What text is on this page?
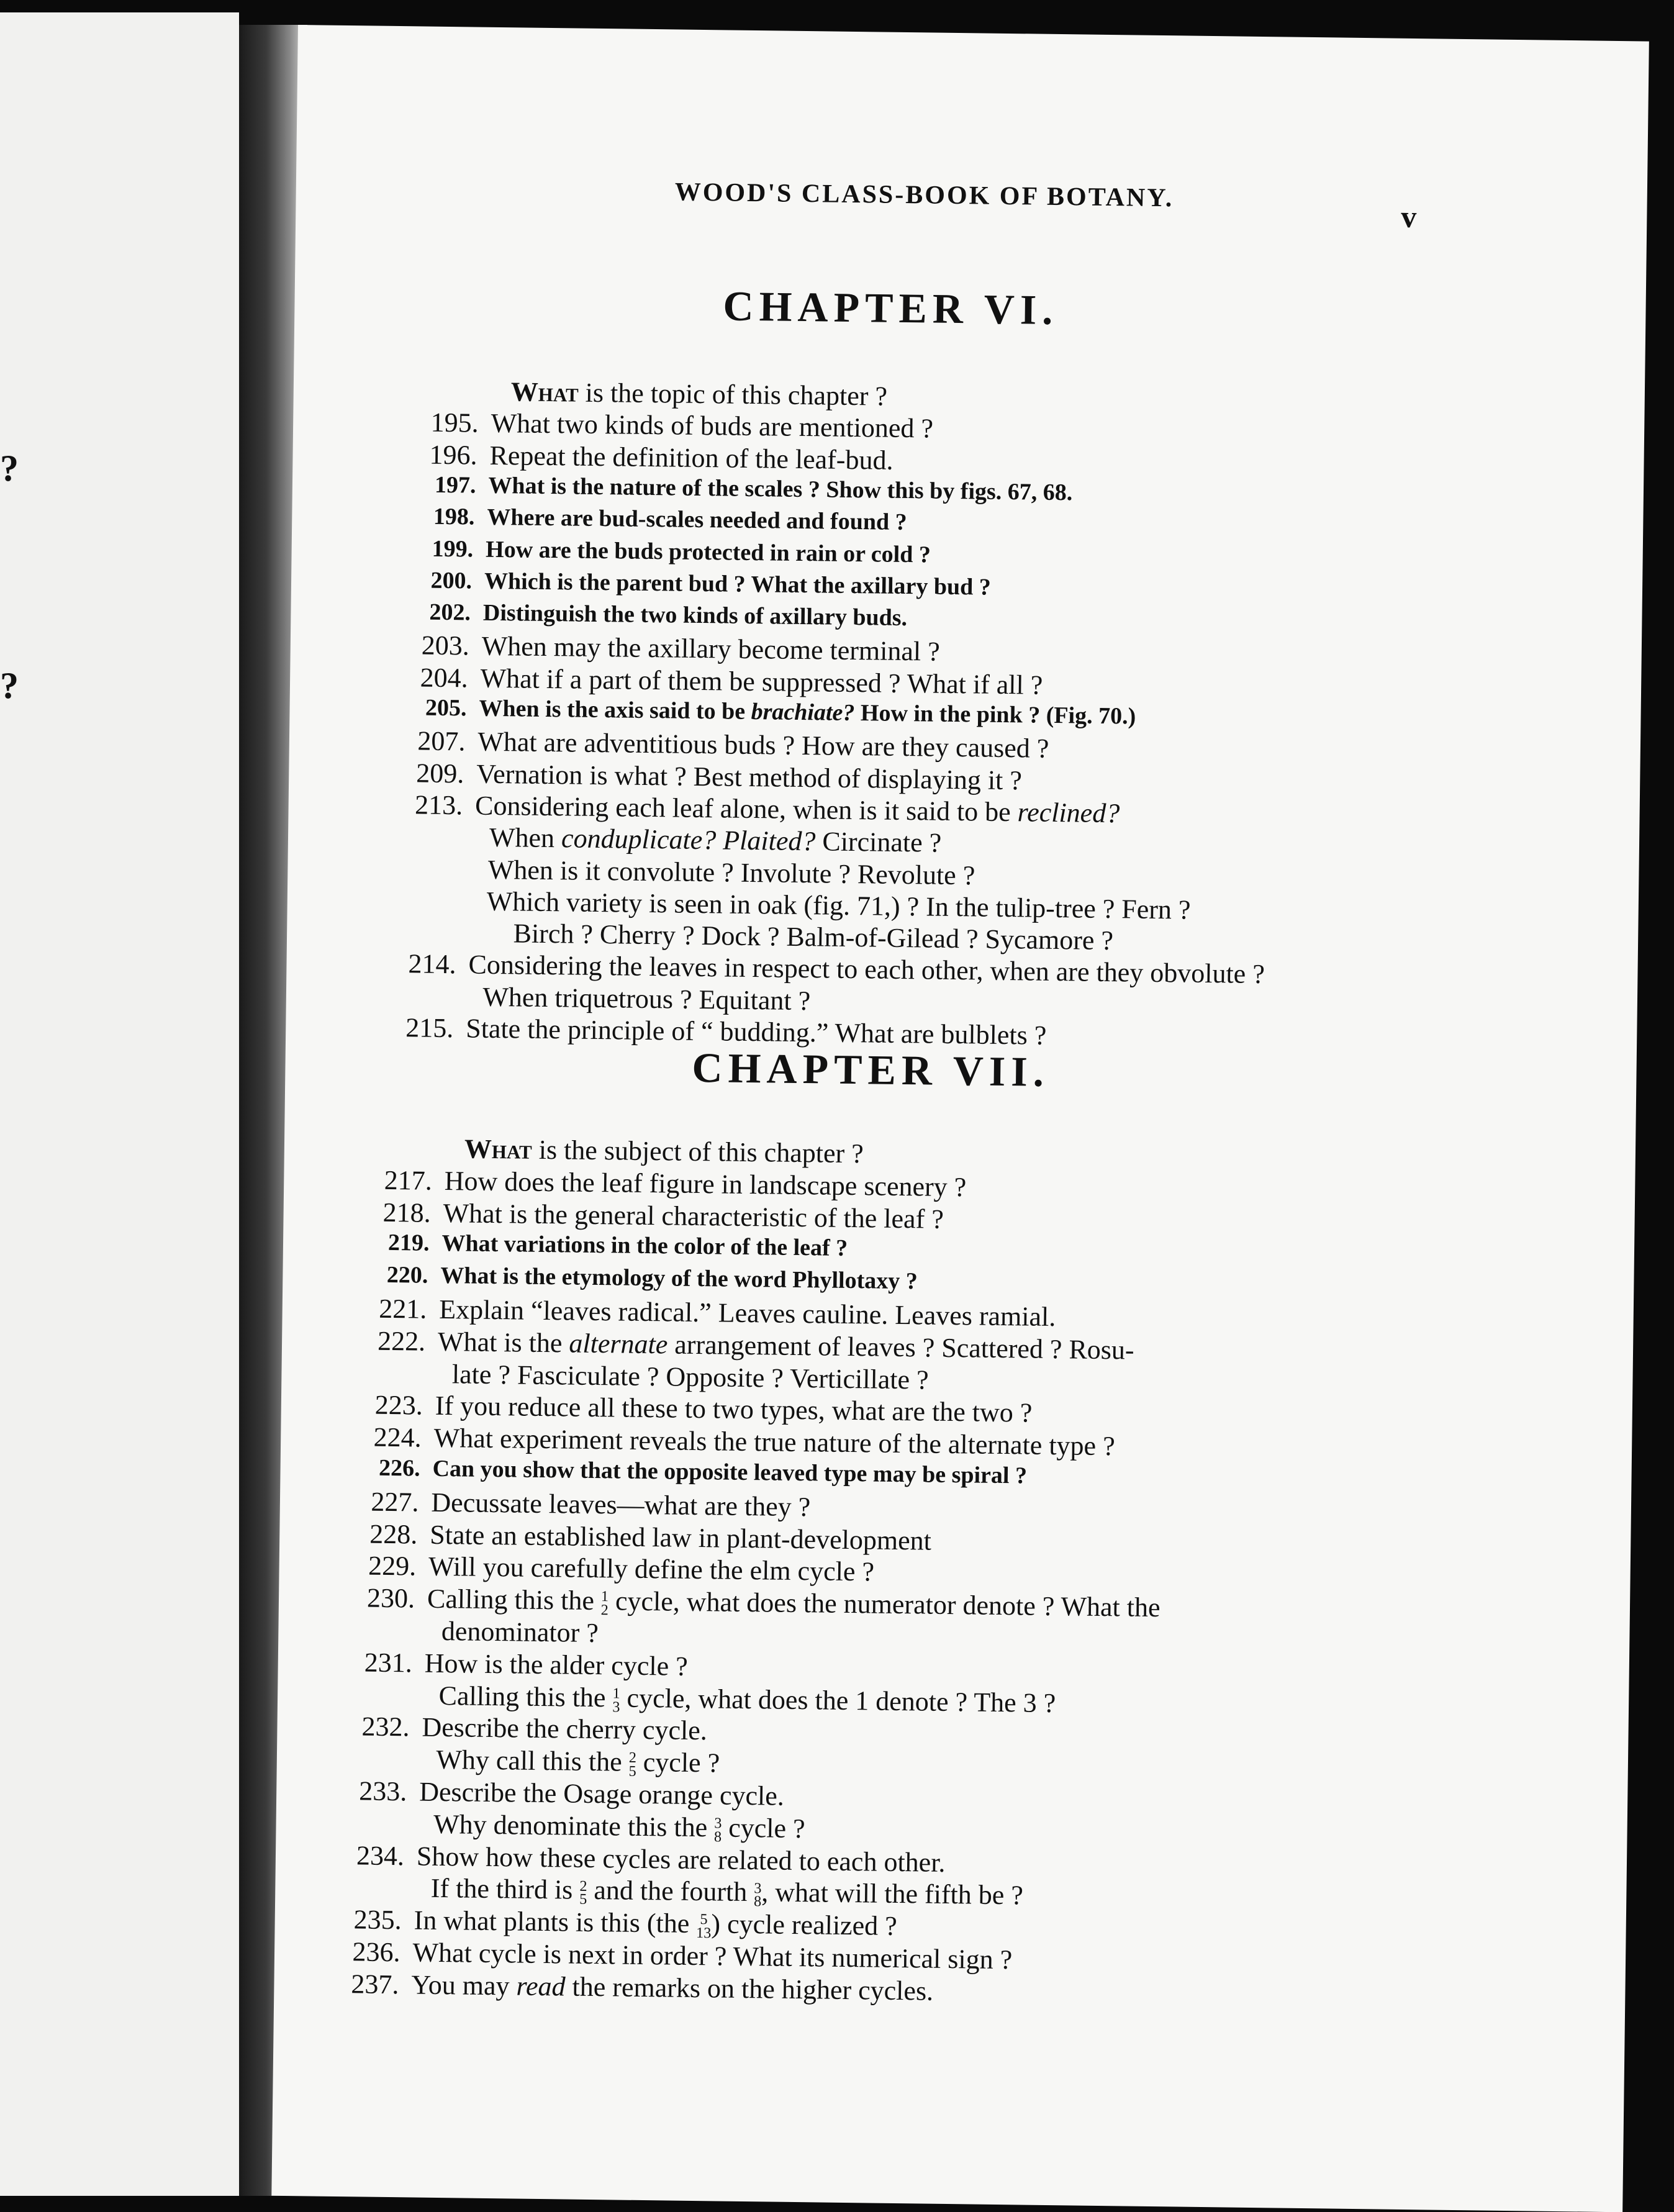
?
?
WOOD'S CLASS-BOOK OF BOTANY.
v
CHAPTER VI.
What is the topic of this chapter ?
195. What two kinds of buds are mentioned ?
196. Repeat the definition of the leaf-bud.
197. What is the nature of the scales ? Show this by figs. 67, 68.
198. Where are bud-scales needed and found ?
199. How are the buds protected in rain or cold ?
200. Which is the parent bud ? What the axillary bud ?
202. Distinguish the two kinds of axillary buds.
203. When may the axillary become terminal ?
204. What if a part of them be suppressed ? What if all ?
205. When is the axis said to be brachiate? How in the pink ? (Fig. 70.)
207. What are adventitious buds ? How are they caused ?
209. Vernation is what ? Best method of displaying it ?
213. Considering each leaf alone, when is it said to be reclined?
When conduplicate? Plaited? Circinate ?
When is it convolute ? Involute ? Revolute ?
Which variety is seen in oak (fig. 71,) ? In the tulip-tree ? Fern ?
Birch ? Cherry ? Dock ? Balm-of-Gilead ? Sycamore ?
214. Considering the leaves in respect to each other, when are they obvolute ?
When triquetrous ? Equitant ?
215. State the principle of “ budding.” What are bulblets ?
CHAPTER VII.
What is the subject of this chapter ?
217. How does the leaf figure in landscape scenery ?
218. What is the general characteristic of the leaf ?
219. What variations in the color of the leaf ?
220. What is the etymology of the word Phyllotaxy ?
221. Explain “leaves radical.” Leaves cauline. Leaves ramial.
222. What is the alternate arrangement of leaves ? Scattered ? Rosu-
late ? Fasciculate ? Opposite ? Verticillate ?
223. If you reduce all these to two types, what are the two ?
224. What experiment reveals the true nature of the alternate type ?
226. Can you show that the opposite leaved type may be spiral ?
227. Decussate leaves—what are they ?
228. State an established law in plant-development
229. Will you carefully define the elm cycle ?
230. Calling this the 1
2 cycle, what does the numerator denote ? What the
denominator ?
231. How is the alder cycle ?
Calling this the 1
3 cycle, what does the 1 denote ? The 3 ?
232. Describe the cherry cycle.
Why call this the 2
5 cycle ?
233. Describe the Osage orange cycle.
Why denominate this the 3
8 cycle ?
234. Show how these cycles are related to each other.
If the third is 2
5 and the fourth 3
8 , what will the fifth be ?
235. In what plants is this (the 5
13 ) cycle realized ?
236. What cycle is next in order ? What its numerical sign ?
237. You may read the remarks on the higher cycles.
